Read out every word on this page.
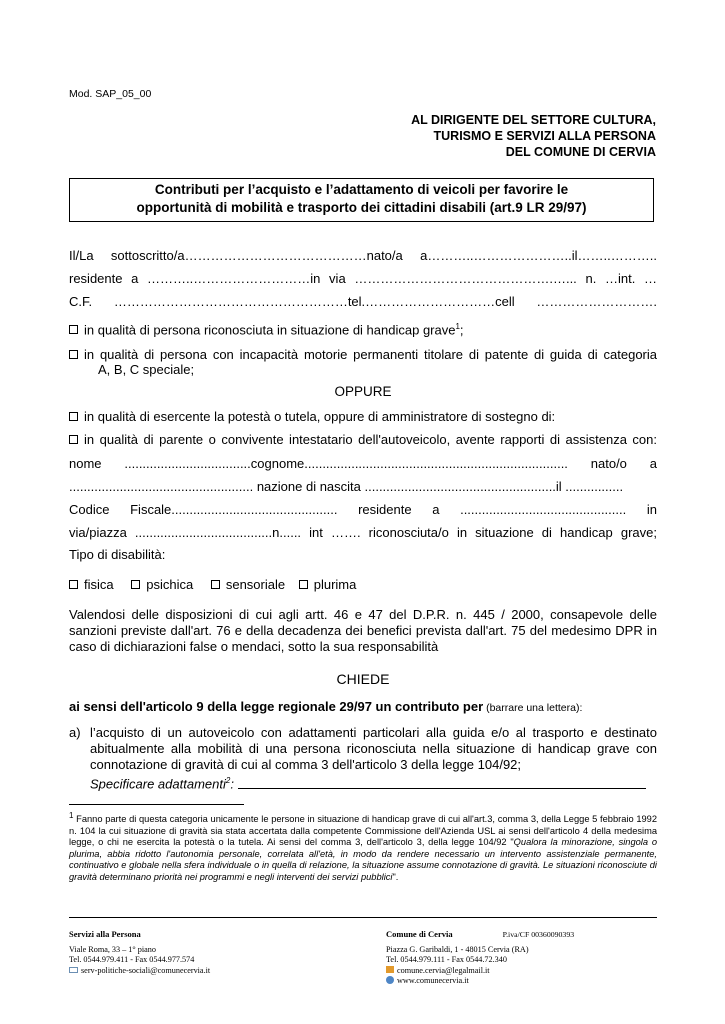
Mod. SAP_05_00
AL DIRIGENTE DEL SETTORE CULTURA,
TURISMO E SERVIZI ALLA PERSONA
DEL COMUNE DI CERVIA
Contributi per l’acquisto e l’adattamento di veicoli per favorire le
opportunità di mobilità e trasporto dei cittadini disabili (art.9 LR 29/97)
Il/La sottoscritto/a……………………………………nato/a a………..…………………..il……..………..
residente a ………..………………………in via ……………………………………….…... n. …int. …
C.F. ………………………………………………tel.…………………………cell ……………………….
in qualità di persona riconosciuta in situazione di handicap grave$^1$;
in qualità di persona con incapacità motorie permanenti titolare di patente di guida di categoria
A, B, C speciale;
OPPURE
in qualità di esercente la potestà o tutela, oppure di amministratore di sostegno di:
in qualità di parente o convivente intestatario dell'autoveicolo, avente rapporti di assistenza con:
nome ...................................cognome......................................................................... nato/o a
................................................... nazione di nascita .....................................................il ................
Codice Fiscale.............................................. residente a .............................................. in
via/piazza ......................................n...... int ……. riconosciuta/o in situazione di handicap grave;
Tipo di disabilità:
fisica	psichica	sensoriale plurima
Valendosi delle disposizioni di cui agli artt. 46 e 47 del D.P.R. n. 445 / 2000, consapevole delle sanzioni previste dall'art. 76 e della decadenza dei benefici prevista dall'art. 75 del medesimo DPR in caso di dichiarazioni false o mendaci, sotto la sua responsabilità
CHIEDE
ai sensi dell'articolo 9 della legge regionale 29/97 un contributo per (barrare una lettera):
a) l’acquisto di un autoveicolo con adattamenti particolari alla guida e/o al trasporto e destinato abitualmente alla mobilità di una persona riconosciuta nella situazione di handicap grave con connotazione di gravità di cui al comma 3 dell'articolo 3 della legge 104/92;
Specificare adattamenti$^2$:
$^1$ Fanno parte di questa categoria unicamente le persone in situazione di handicap grave di cui all'art.3, comma 3, della Legge 5 febbraio 1992 n. 104 la cui situazione di gravità sia stata accertata dalla competente Commissione dell'Azienda USL ai sensi dell'articolo 4 della medesima legge, o chi ne esercita la potestà o la tutela. Ai sensi del comma 3, dell'articolo 3, della legge 104/92 "Qualora la minorazione, singola o plurima, abbia ridotto l'autonomia personale, correlata all'età, in modo da rendere necessario un intervento assistenziale permanente, continuativo e globale nella sfera individuale o in quella di relazione, la situazione assume connotazione di gravità. Le situazioni riconosciute di gravità determinano priorità nei programmi e negli interventi dei servizi pubblici".
Servizi alla Persona
Viale Roma, 33 – 1° piano
Tel. 0544.979.411 - Fax 0544.977.574
serv-politiche-sociali@comunecervia.it
Comune di Cervia	P.iva/CF 00360090393
Piazza G. Garibaldi, 1 - 48015 Cervia (RA)
Tel. 0544.979.111 - Fax 0544.72.340
comune.cervia@legalmail.it
www.comunecervia.it
